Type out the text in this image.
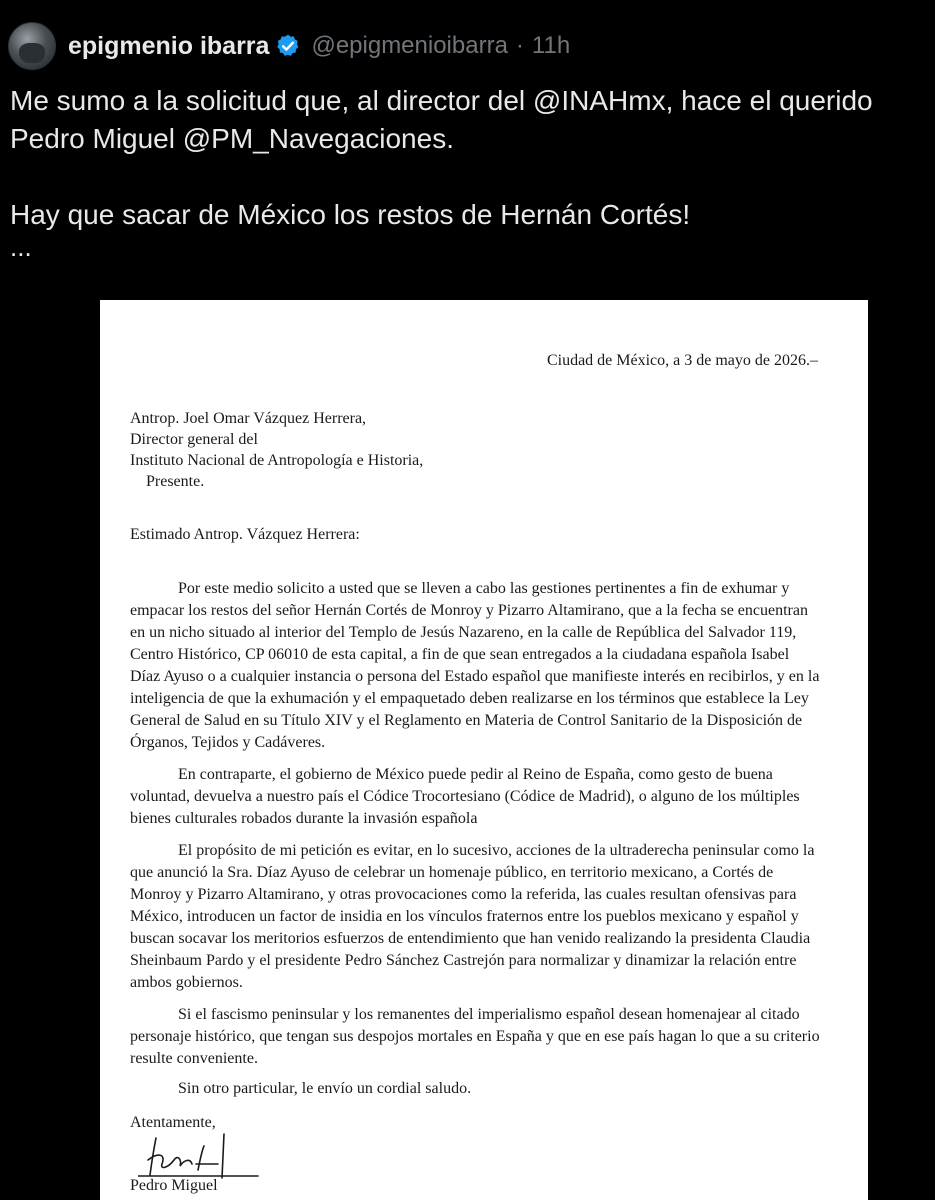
epigmenio ibarra @epigmenioibarra · 11h

Me sumo a la solicitud que, al director del @INAHmx, hace el querido

Pedro Miguel @PM_Navegaciones.

Hay que sacar de México los restos de Hernán Cortés!

...

Ciudad de México, a 3 de mayo de 2026.–
Antrop. Joel Omar Vázquez Herrera,
Director general del
Instituto Nacional de Antropología e Historia,
Presente.
Estimado Antrop. Vázquez Herrera:

Por este medio solicito a usted que se lleven a cabo las gestiones pertinentes a fin de exhumar y empacar los restos del señor Hernán Cortés de Monroy y Pizarro Altamirano, que a la fecha se encuentran en un nicho situado al interior del Templo de Jesús Nazareno, en la calle de República del Salvador 119, Centro Histórico, CP 06010 de esta capital, a fin de que sean entregados a la ciudadana española Isabel Díaz Ayuso o a cualquier instancia o persona del Estado español que manifieste interés en recibirlos, y en la inteligencia de que la exhumación y el empaquetado deben realizarse en los términos que establece la Ley General de Salud en su Título XIV y el Reglamento en Materia de Control Sanitario de la Disposición de Órganos, Tejidos y Cadáveres.

En contraparte, el gobierno de México puede pedir al Reino de España, como gesto de buena voluntad, devuelva a nuestro país el Códice Trocortesiano (Códice de Madrid), o alguno de los múltiples bienes culturales robados durante la invasión española

El propósito de mi petición es evitar, en lo sucesivo, acciones de la ultraderecha peninsular como la que anunció la Sra. Díaz Ayuso de celebrar un homenaje público, en territorio mexicano, a Cortés de Monroy y Pizarro Altamirano, y otras provocaciones como la referida, las cuales resultan ofensivas para México, introducen un factor de insidia en los vínculos fraternos entre los pueblos mexicano y español y buscan socavar los meritorios esfuerzos de entendimiento que han venido realizando la presidenta Claudia Sheinbaum Pardo y el presidente Pedro Sánchez Castrejón para normalizar y dinamizar la relación entre ambos gobiernos.

Si el fascismo peninsular y los remanentes del imperialismo español desean homenajear al citado personaje histórico, que tengan sus despojos mortales en España y que en ese país hagan lo que a su criterio resulte conveniente.

Sin otro particular, le envío un cordial saludo.
Atentamente,
Pedro Miguel
